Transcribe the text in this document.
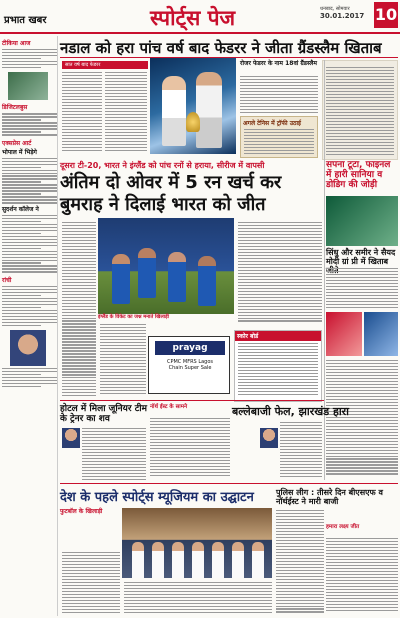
प्रभात खबर	स्पोर्ट्स पेज	धनबाद, सोमवार
30.01.2017 10
टीकिया आज
डिजिटलबुस
एक्सप्रेस आर्ट
भोपाल में भिड़ेगे
सुदर्शन कॉलेज ने
रांची
नडाल को हरा पांच वर्ष बाद फेडरर ने जीता ग्रैंडस्लैम खिताब
सात वर्ष बाद फेडरर	रोजर फेडरर के नाम 18वां ग्रैंडस्लैम
अगले टेनिस में ट्रॉफी उठाई
दूसरा टी-20, भारत ने इंग्लैंड को पांच रनों से हराया, सीरीज में वापसी
अंतिम दो ओवर में 5 रन खर्च कर बुमराह ने दिलाई भारत को जीत
इंग्लैंड के विकेट का जश्न मनाते खिलाड़ी
prayag
CPMC MFRS Lagos
Chain Super Sale
स्कोर बोर्ड
सपना टूटा, फाइनल में हारी सानिया व डोडिग की जोड़ी
सिंधु और समीर ने सैयद मोदी ग्रां प्री में खिताब
होटल में मिला जूनियर टीम के ट्रेनर का शव
नॉर्थ ईस्ट के सामने	बल्लेबाजी फेल, झारखंड हारा
देश के पहले स्पोर्ट्स म्यूजियम का उद्घाटन
फुटबॉल के खिलाड़ी
पुलिस लीग : तीसरे दिन बीएसएफ व नॉर्थईस्ट ने मारी बाजी
हमारा लक्ष्य जीत
